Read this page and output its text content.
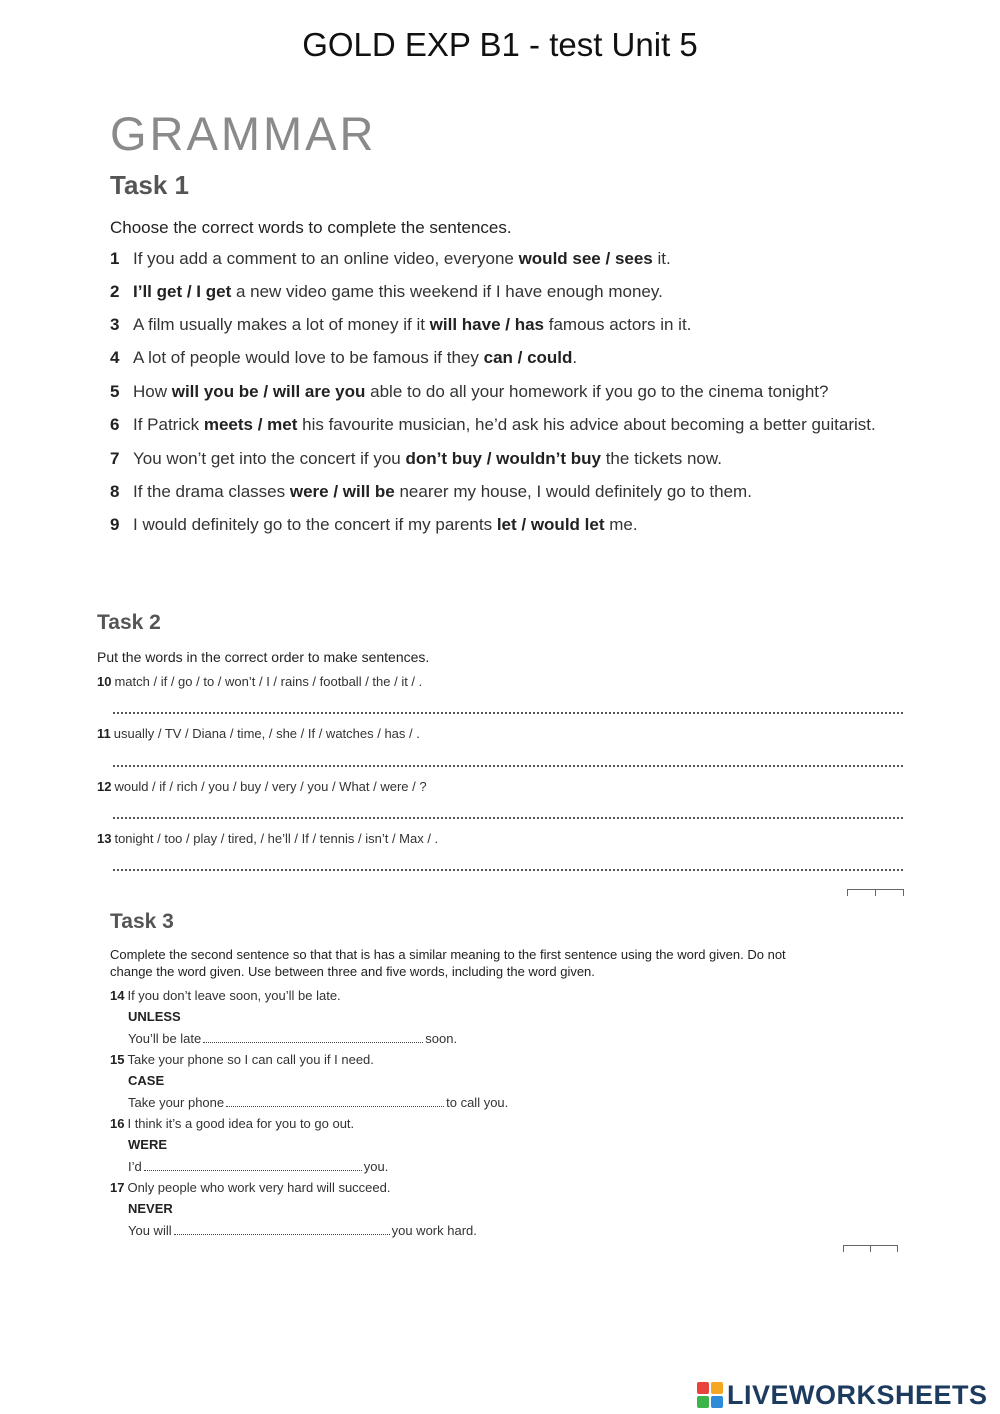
GOLD EXP B1 - test Unit 5
GRAMMAR
Task 1
Choose the correct words to complete the sentences.
1 If you add a comment to an online video, everyone would see / sees it.
2 I’ll get / I get a new video game this weekend if I have enough money.
3 A film usually makes a lot of money if it will have / has famous actors in it.
4 A lot of people would love to be famous if they can / could.
5 How will you be / will are you able to do all your homework if you go to the cinema tonight?
6 If Patrick meets / met his favourite musician, he’d ask his advice about becoming a better guitarist.
7 You won’t get into the concert if you don’t buy / wouldn’t buy the tickets now.
8 If the drama classes were / will be nearer my house, I would definitely go to them.
9 I would definitely go to the concert if my parents let / would let me.
Task 2
Put the words in the correct order to make sentences.
10 match / if / go / to / won’t / I / rains / football / the / it / .
11 usually / TV / Diana / time, / she / If / watches / has / .
12 would / if / rich / you / buy / very / you / What / were / ?
13 tonight / too / play / tired, / he’ll / If / tennis / isn’t / Max / .
Task 3
Complete the second sentence so that that is has a similar meaning to the first sentence using the word given. Do not
change the word given. Use between three and five words, including the word given.
14 If you don’t leave soon, you’ll be late.
UNLESS
You’ll be late	soon.
15 Take your phone so I can call you if I need.
CASE
Take your phone	to call you.
16 I think it’s a good idea for you to go out.
WERE
I’d	you.
17 Only people who work very hard will succeed.
NEVER
You will	you work hard.
LIVEWORKSHEETS
